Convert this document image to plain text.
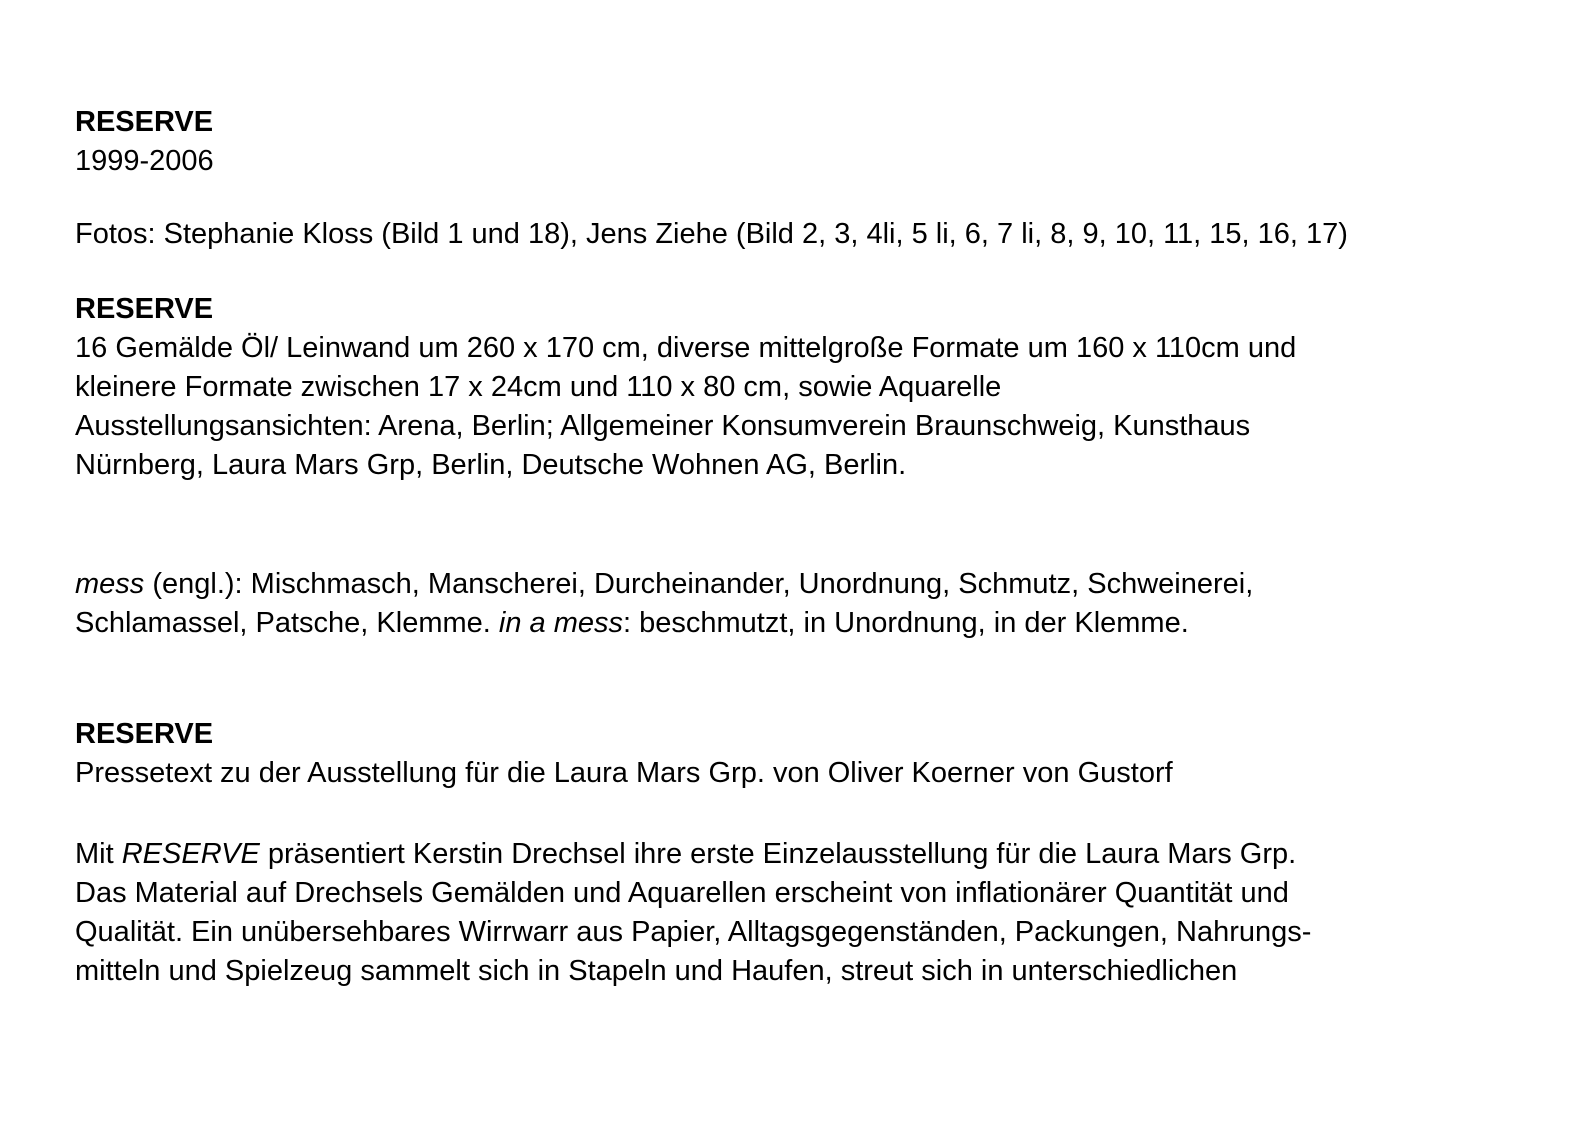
RESERVE
1999-2006
Fotos: Stephanie Kloss (Bild 1 und 18), Jens Ziehe (Bild 2, 3, 4li, 5 li, 6, 7 li, 8, 9, 10, 11, 15, 16, 17)
RESERVE
16 Gemälde Öl/ Leinwand um 260 x 170 cm, diverse mittelgroße Formate um 160 x 110cm und
kleinere Formate zwischen 17 x 24cm und 110 x 80 cm, sowie Aquarelle
Ausstellungsansichten: Arena, Berlin; Allgemeiner Konsumverein Braunschweig, Kunsthaus
Nürnberg, Laura Mars Grp, Berlin, Deutsche Wohnen AG, Berlin.
mess (engl.): Mischmasch, Manscherei, Durcheinander, Unordnung, Schmutz, Schweinerei,
Schlamassel, Patsche, Klemme. in a mess: beschmutzt, in Unordnung, in der Klemme.
RESERVE
Pressetext zu der Ausstellung für die Laura Mars Grp. von Oliver Koerner von Gustorf
Mit RESERVE präsentiert Kerstin Drechsel ihre erste Einzelausstellung für die Laura Mars Grp.
Das Material auf Drechsels Gemälden und Aquarellen erscheint von inflationärer Quantität und
Qualität. Ein unübersehbares Wirrwarr aus Papier, Alltagsgegenständen, Packungen, Nahrungs-
mitteln und Spielzeug sammelt sich in Stapeln und Haufen, streut sich in unterschiedlichen
